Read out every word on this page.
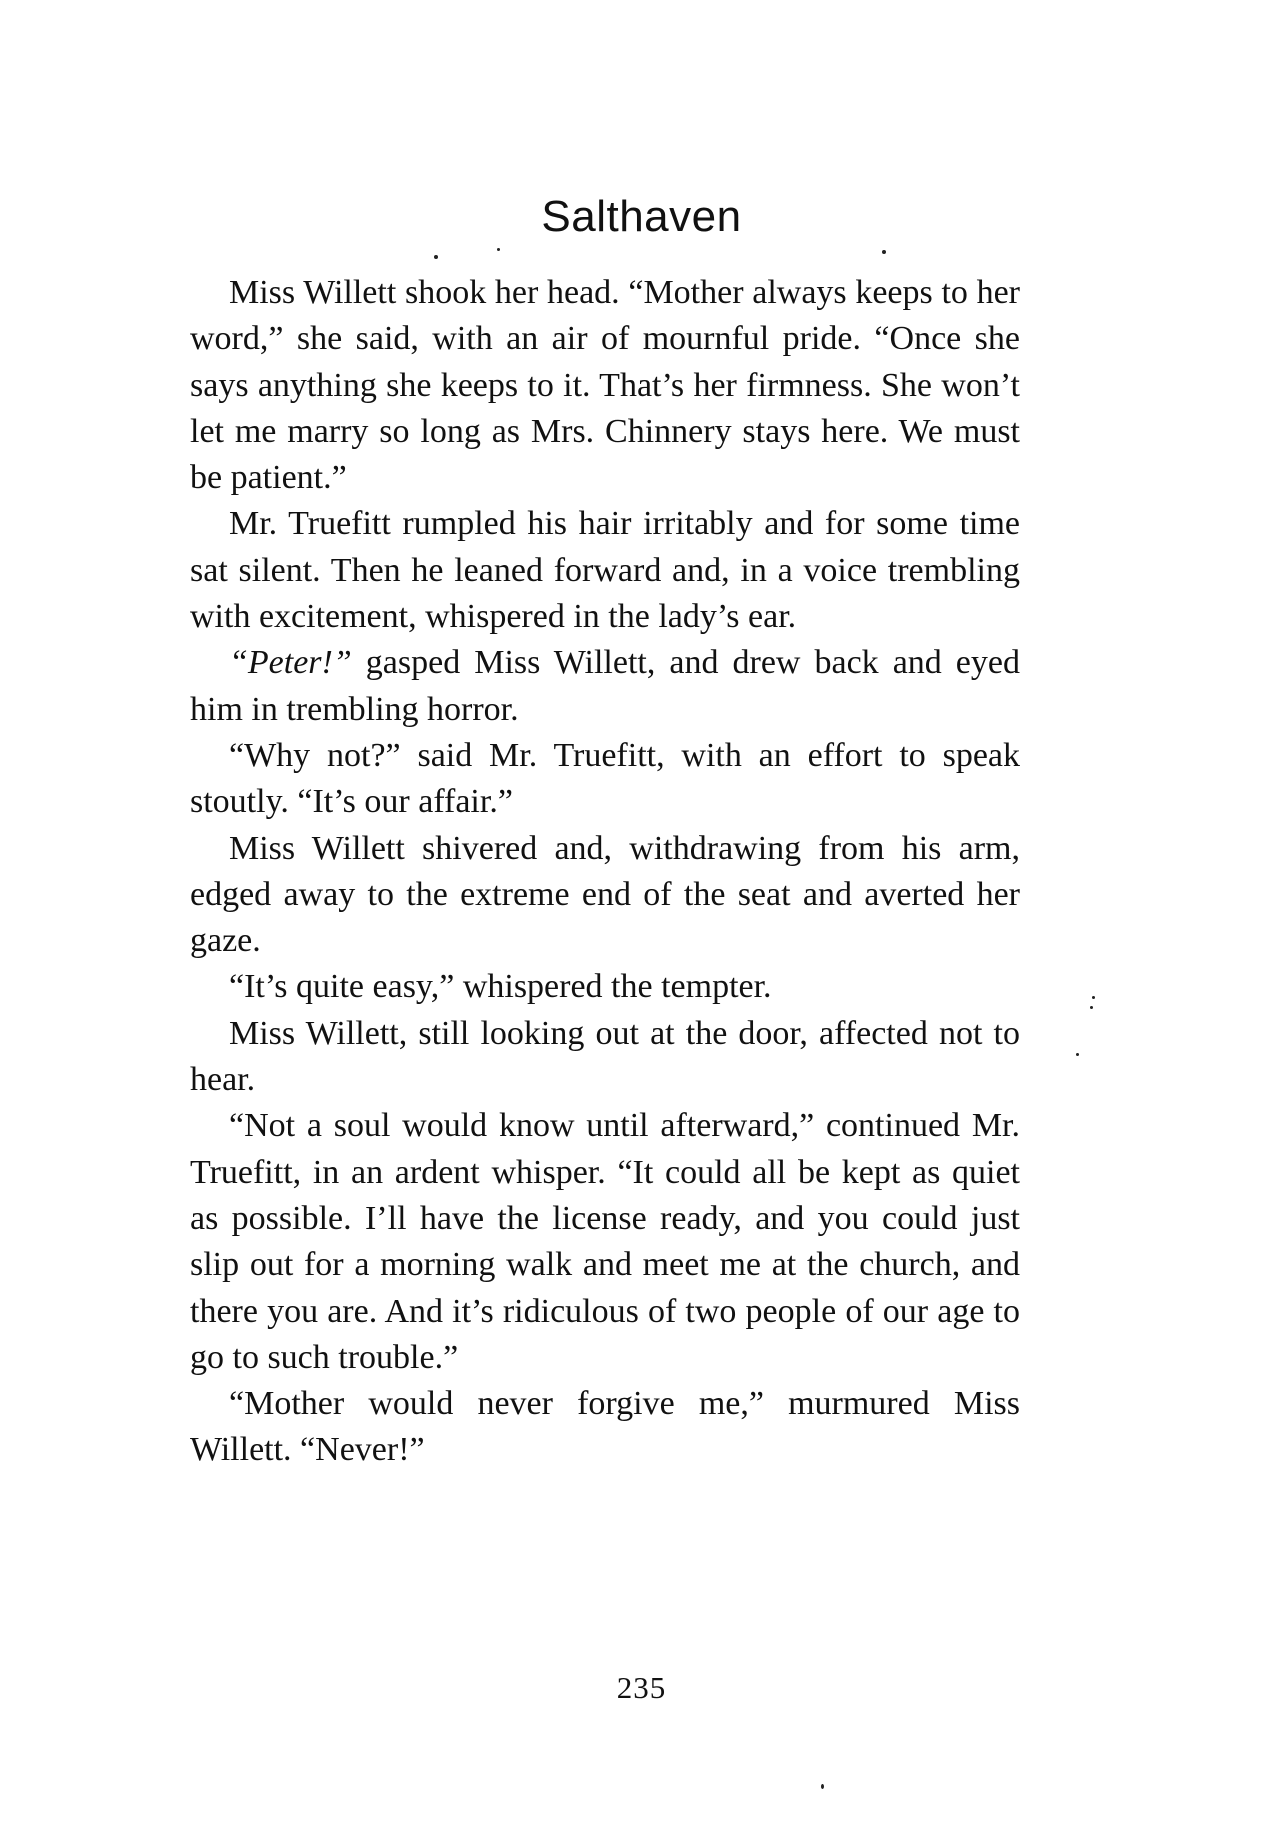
Salthaven

Miss Willett shook her head. “Mother always keeps to her word,” she said, with an air of mournful pride. “Once she says anything she keeps to it. That’s her firmness. She won’t let me marry so long as Mrs. Chinnery stays here. We must be patient.”

Mr. Truefitt rumpled his hair irritably and for some time sat silent. Then he leaned forward and, in a voice trembling with excitement, whispered in the lady’s ear.

“Peter!” gasped Miss Willett, and drew back and eyed him in trembling horror.

“Why not?” said Mr. Truefitt, with an effort to speak stoutly. “It’s our affair.”

Miss Willett shivered and, withdrawing from his arm, edged away to the extreme end of the seat and averted her gaze.

“It’s quite easy,” whispered the tempter.

Miss Willett, still looking out at the door, affected not to hear.

“Not a soul would know until afterward,” continued Mr. Truefitt, in an ardent whisper. “It could all be kept as quiet as possible. I’ll have the license ready, and you could just slip out for a morning walk and meet me at the church, and there you are. And it’s ridiculous of two people of our age to go to such trouble.”

“Mother would never forgive me,” murmured Miss Willett. “Never!”

235
